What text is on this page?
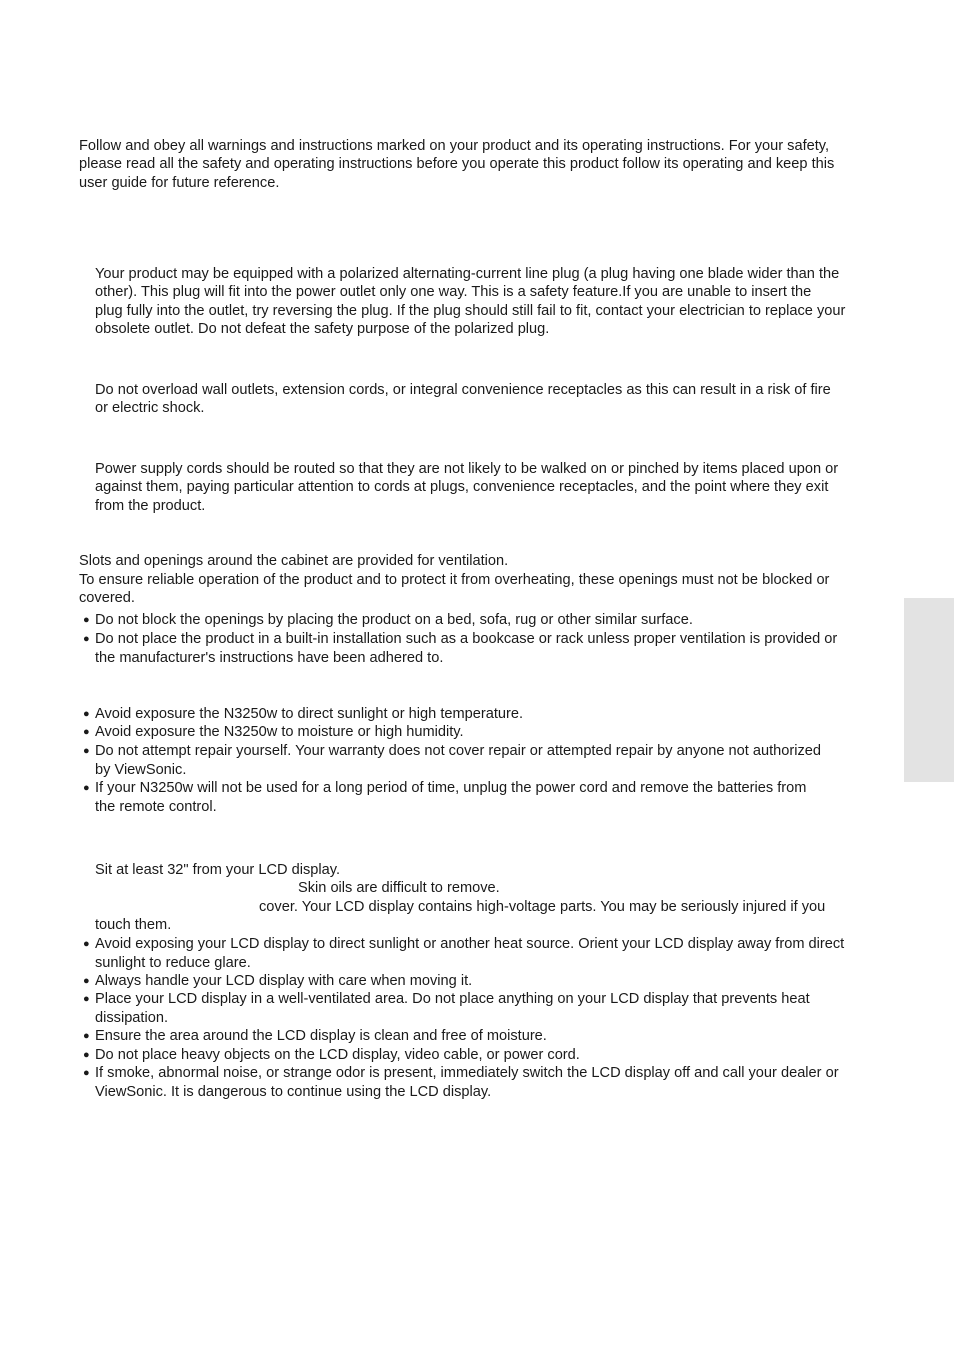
Follow and obey all warnings and instructions marked on your product and its operating instructions. For your safety,

please read all the safety and operating instructions before you operate this product follow its operating and keep this

user guide for future reference.

Your product may be equipped with a polarized alternating-current line plug (a plug having one blade wider than the

other). This plug will fit into the power outlet only one way. This is a safety feature.If you are unable to insert the

plug fully into the outlet, try reversing the plug. If the plug should still fail to fit, contact your electrician to replace your

obsolete outlet. Do not defeat the safety purpose of the polarized plug.

Do not overload wall outlets, extension cords, or integral convenience receptacles as this can result in a risk of fire

or electric shock.

Power supply cords should be routed so that they are not likely to be walked on or pinched by items placed upon or

against them, paying particular attention to cords at plugs, convenience receptacles, and the point where they exit

from the product.

Slots and openings around the cabinet are provided for ventilation.

To ensure reliable operation of the product and to protect it from overheating, these openings must not be blocked or

covered.

● Do not block the openings by placing the product on a bed, sofa, rug or other similar surface.
● Do not place the product in a built-in installation such as a bookcase or rack unless proper ventilation is provided or
the manufacturer's instructions have been adhered to.
● Avoid exposure the N3250w to direct sunlight or high temperature.
● Avoid exposure the N3250w to moisture or high humidity.
● Do not attempt repair yourself. Your warranty does not cover repair or attempted repair by anyone not authorized
by ViewSonic.
● If your N3250w will not be used for a long period of time, unplug the power cord and remove the batteries from
the remote control.

Sit at least 32" from your LCD display.

Skin oils are difficult to remove.

cover. Your LCD display contains high-voltage parts. You may be seriously injured if you

touch them.

● Avoid exposing your LCD display to direct sunlight or another heat source. Orient your LCD display away from direct
sunlight to reduce glare.
● Always handle your LCD display with care when moving it.
● Place your LCD display in a well-ventilated area. Do not place anything on your LCD display that prevents heat
dissipation.
● Ensure the area around the LCD display is clean and free of moisture.
● Do not place heavy objects on the LCD display, video cable, or power cord.
● If smoke, abnormal noise, or strange odor is present, immediately switch the LCD display off and call your dealer or
ViewSonic. It is dangerous to continue using the LCD display.
